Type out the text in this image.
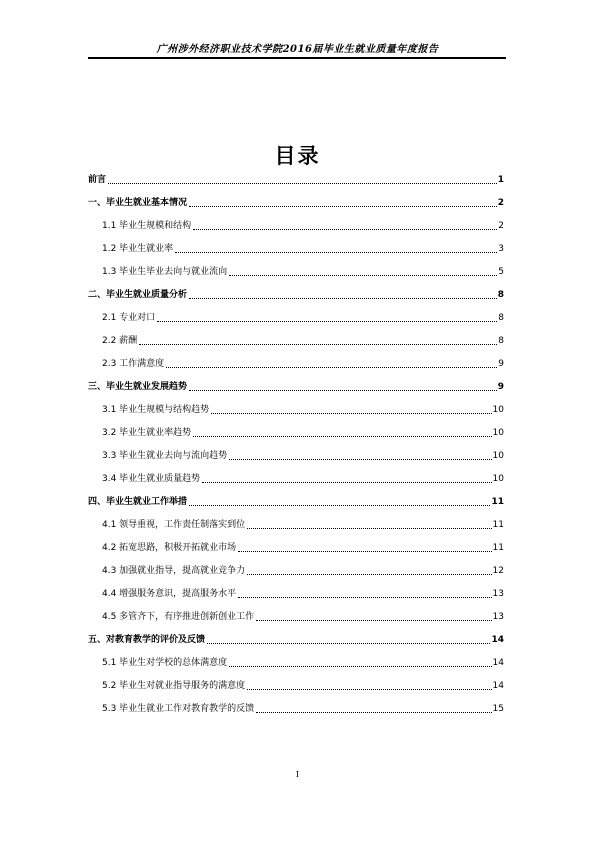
广州涉外经济职业技术学院2016届毕业生就业质量年度报告
目录
前言	1
一、毕业生就业基本情况	2
1.1 毕业生规模和结构	2
1.2 毕业生就业率	3
1.3 毕业生毕业去向与就业流向	5
二、毕业生就业质量分析	8
2.1 专业对口	8
2.2 薪酬	8
2.3 工作满意度	9
三、毕业生就业发展趋势	9
3.1 毕业生规模与结构趋势	10
3.2 毕业生就业率趋势	10
3.3 毕业生就业去向与流向趋势	10
3.4 毕业生就业质量趋势	10
四、毕业生就业工作举措	11
4.1 领导重视，工作责任制落实到位	11
4.2 拓宽思路，积极开拓就业市场	11
4.3 加强就业指导，提高就业竞争力	12
4.4 增强服务意识，提高服务水平	13
4.5 多管齐下，有序推进创新创业工作	13
五、对教育教学的评价及反馈	14
5.1 毕业生对学校的总体满意度	14
5.2 毕业生对就业指导服务的满意度	14
5.3 毕业生就业工作对教育教学的反馈	15
I
